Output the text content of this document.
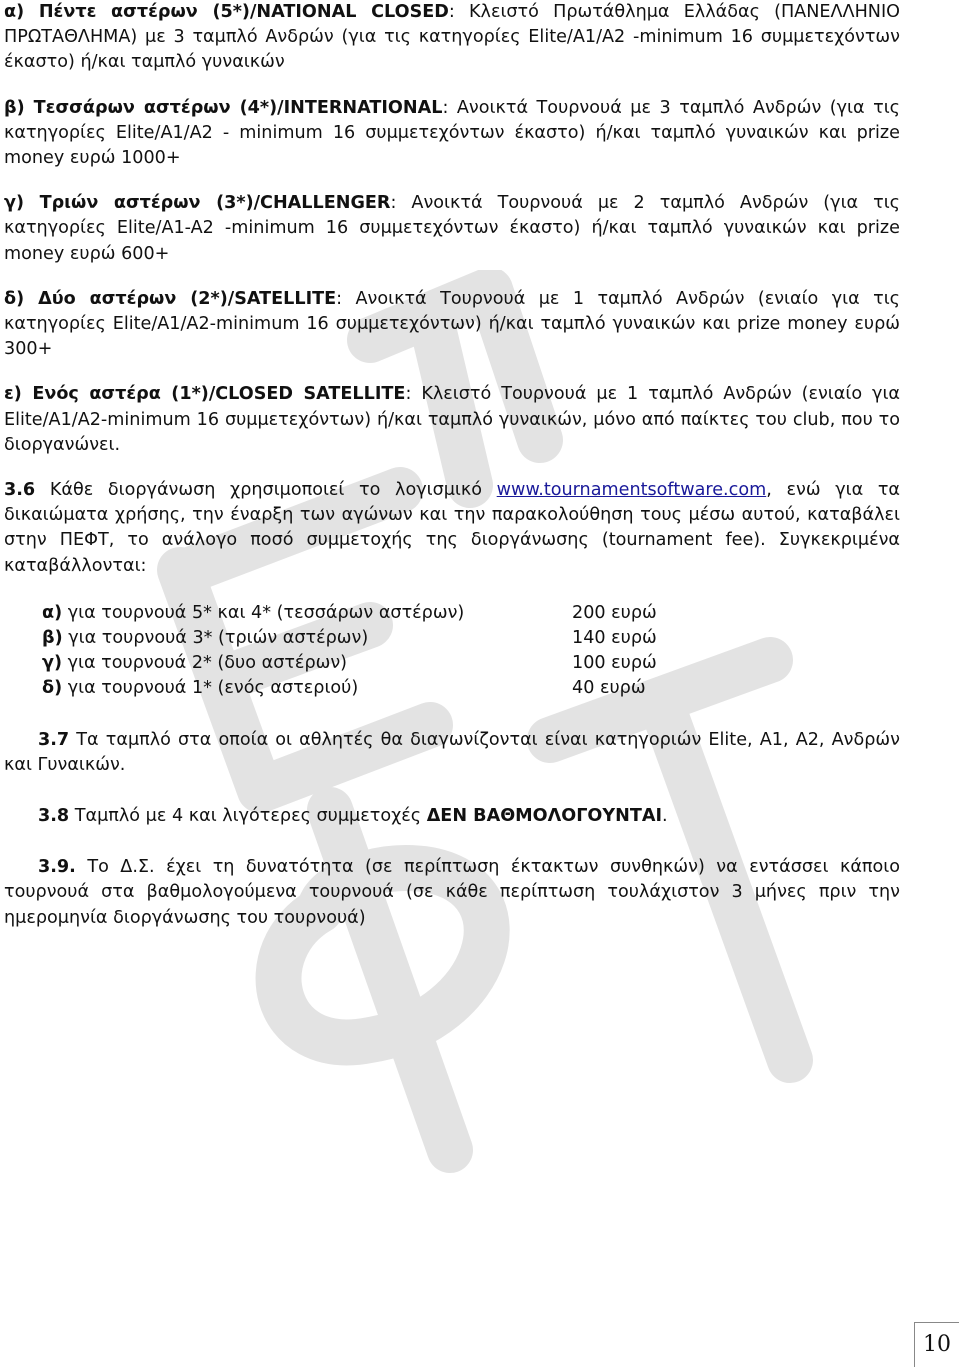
α) Πέντε αστέρων (5*)/NATIONAL CLOSED: Κλειστό Πρωτάθλημα Ελλάδας (ΠΑΝΕΛΛΗΝΙΟ ΠΡΩΤΑΘΛΗΜΑ) με 3 ταμπλό Ανδρών (για τις κατηγορίες Elite/A1/A2 -minimum 16 συμμετεχόντων έκαστο) ή/και ταμπλό γυναικών

β) Τεσσάρων αστέρων (4*)/INTERNATIONAL: Ανοικτά Τουρνουά με 3 ταμπλό Ανδρών (για τις κατηγορίες Elite/A1/A2 - minimum 16 συμμετεχόντων έκαστο) ή/και ταμπλό γυναικών και prize money ευρώ 1000+

γ) Τριών αστέρων (3*)/CHALLENGER: Ανοικτά Τουρνουά με 2 ταμπλό Ανδρών (για τις κατηγορίες Elite/A1-A2 -minimum 16 συμμετεχόντων έκαστο) ή/και ταμπλό γυναικών και prize money ευρώ 600+

δ) Δύο αστέρων (2*)/SATELLITE: Ανοικτά Τουρνουά με 1 ταμπλό Ανδρών (ενιαίο για τις κατηγορίες Elite/A1/A2-minimum 16 συμμετεχόντων) ή/και ταμπλό γυναικών και prize money ευρώ 300+

ε) Ενός αστέρα (1*)/CLOSED SATELLITE: Κλειστό Τουρνουά με 1 ταμπλό Ανδρών (ενιαίο για Elite/A1/A2-minimum 16 συμμετεχόντων) ή/και ταμπλό γυναικών, μόνο από παίκτες του club, που το διοργανώνει.

3.6 Κάθε διοργάνωση χρησιμοποιεί το λογισμικό www.tournamentsoftware.com, ενώ για τα δικαιώματα χρήσης, την έναρξη των αγώνων και την παρακολούθηση τους μέσω αυτού, καταβάλει στην ΠΕΦΤ, το ανάλογο ποσό συμμετοχής της διοργάνωσης (tournament fee). Συγκεκριμένα καταβάλλονται:

α) για τουρνουά 5* και 4* (τεσσάρων αστέρων)	200 ευρώ
β) για τουρνουά 3* (τριών αστέρων)	140 ευρώ
γ) για τουρνουά 2* (δυο αστέρων)	100 ευρώ
δ) για τουρνουά 1* (ενός αστεριού)	40 ευρώ

3.7 Τα ταμπλό στα οποία οι αθλητές θα διαγωνίζονται είναι κατηγοριών Elite, A1, A2, Ανδρών και Γυναικών.

3.8 Ταμπλό με 4 και λιγότερες συμμετοχές ΔΕΝ ΒΑΘΜΟΛΟΓΟΥΝΤΑΙ.

3.9. Το Δ.Σ. έχει τη δυνατότητα (σε περίπτωση έκτακτων συνθηκών) να εντάσσει κάποιο τουρνουά στα βαθμολογούμενα τουρνουά (σε κάθε περίπτωση τουλάχιστον 3 μήνες πριν την ημερομηνία διοργάνωσης του τουρνουά)

10
